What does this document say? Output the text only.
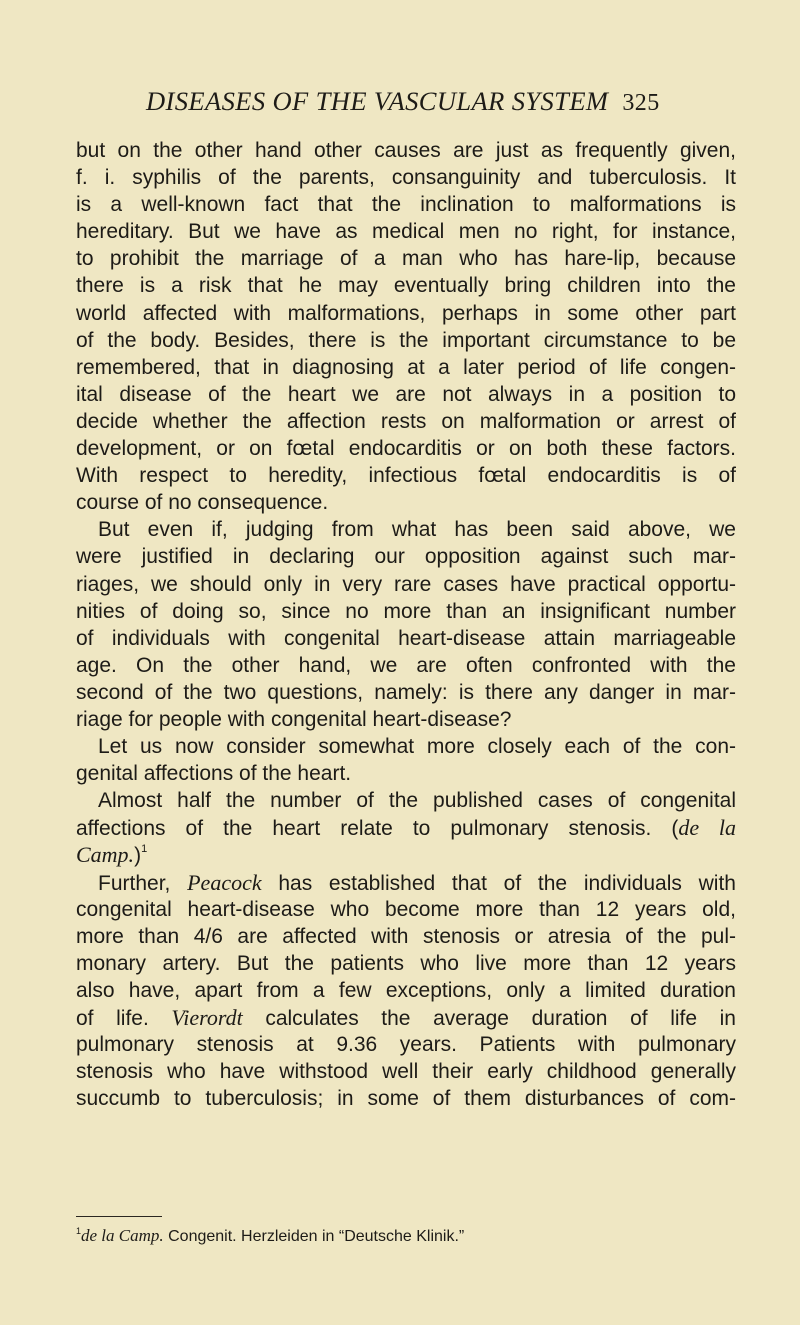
DISEASES OF THE VASCULAR SYSTEM 325
but on the other hand other causes are just as frequently given,
f. i. syphilis of the parents, consanguinity and tuberculosis. It
is a well-known fact that the inclination to malformations is
hereditary. But we have as medical men no right, for instance,
to prohibit the marriage of a man who has hare-lip, because
there is a risk that he may eventually bring children into the
world affected with malformations, perhaps in some other part
of the body. Besides, there is the important circumstance to be
remembered, that in diagnosing at a later period of life congen-
ital disease of the heart we are not always in a position to
decide whether the affection rests on malformation or arrest of
development, or on fœtal endocarditis or on both these factors.
With respect to heredity, infectious fœtal endocarditis is of
course of no consequence.
But even if, judging from what has been said above, we
were justified in declaring our opposition against such mar-
riages, we should only in very rare cases have practical opportu-
nities of doing so, since no more than an insignificant number
of individuals with congenital heart-disease attain marriageable
age. On the other hand, we are often confronted with the
second of the two questions, namely: is there any danger in mar-
riage for people with congenital heart-disease?
Let us now consider somewhat more closely each of the con-
genital affections of the heart.
Almost half the number of the published cases of congenital
affections of the heart relate to pulmonary stenosis. (de la
Camp.)$^1$
Further, Peacock has established that of the individuals with
congenital heart-disease who become more than 12 years old,
more than 4/6 are affected with stenosis or atresia of the pul-
monary artery. But the patients who live more than 12 years
also have, apart from a few exceptions, only a limited duration
of life. Vierordt calculates the average duration of life in
pulmonary stenosis at 9.36 years. Patients with pulmonary
stenosis who have withstood well their early childhood generally
succumb to tuberculosis; in some of them disturbances of com-
$^1$de la Camp. Congenit. Herzleiden in “Deutsche Klinik.”
